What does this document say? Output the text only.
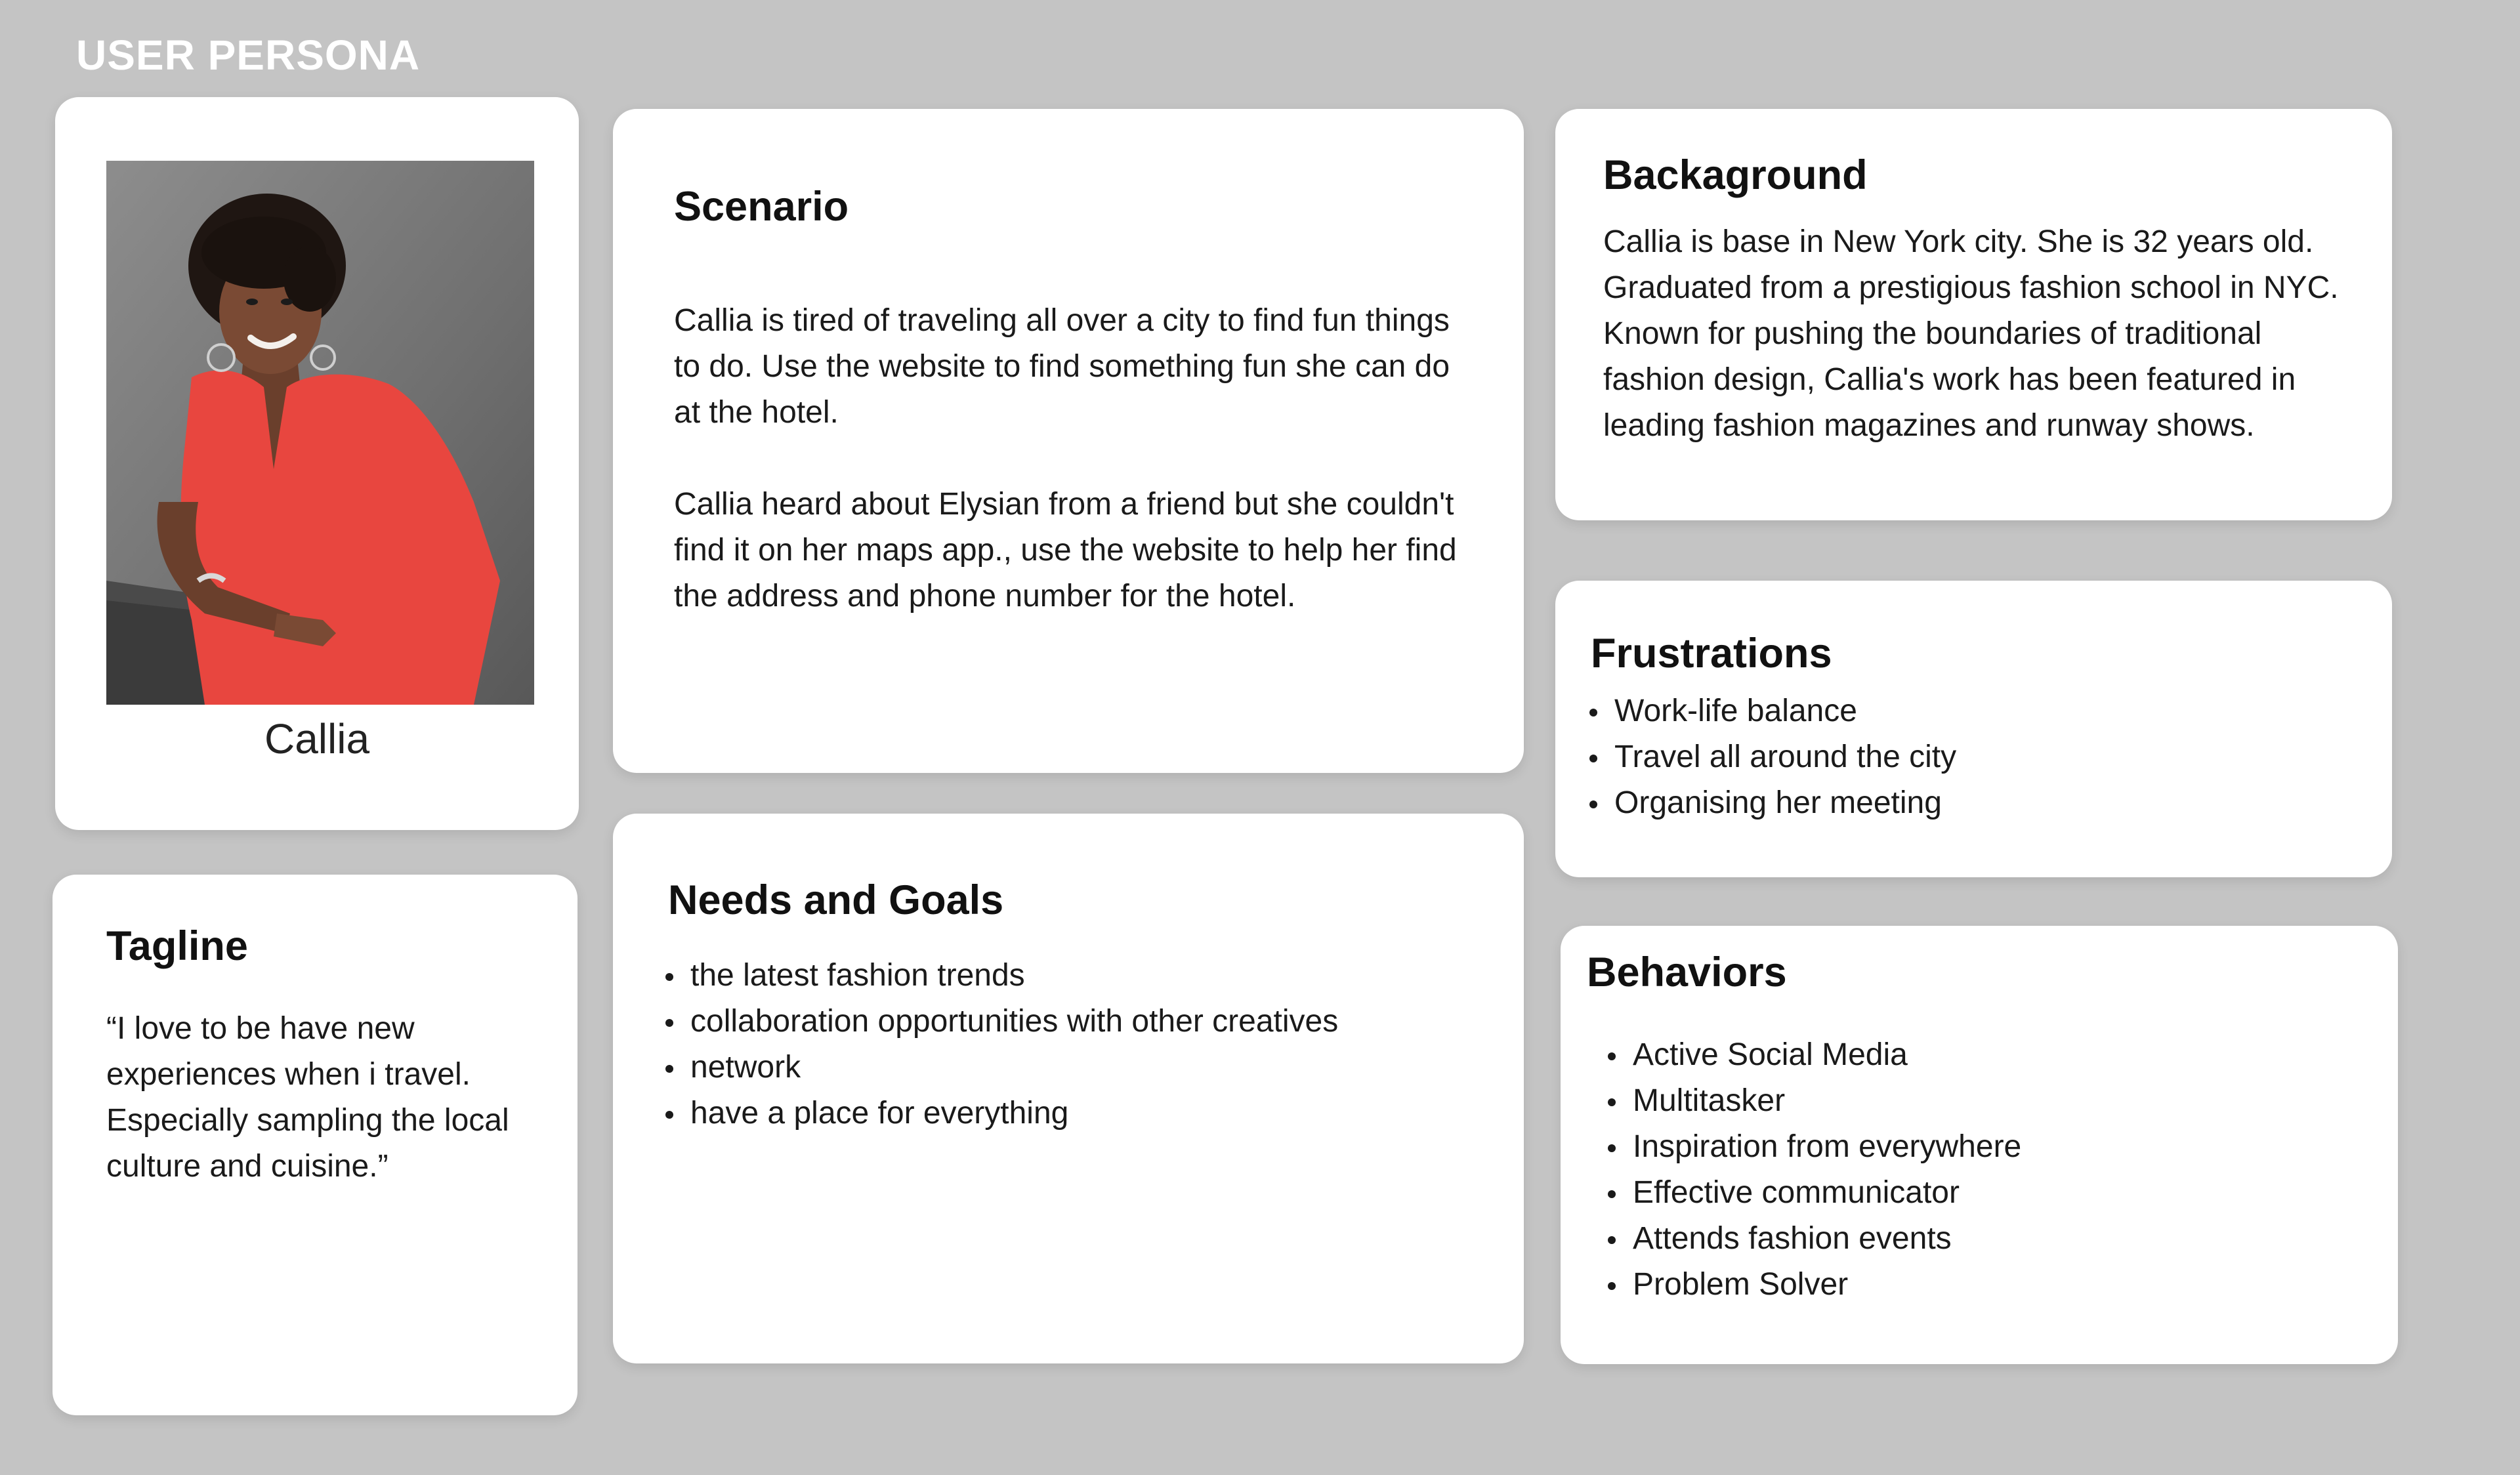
USER PERSONA
Callia
Tagline

“I love to be have new experiences when i travel. Especially sampling the local culture and cuisine.”

Scenario

Callia is tired of traveling all over a city to find fun things to do. Use the website to find something fun she can do at the hotel.

Callia heard about Elysian from a friend but she couldn't find it on her maps app., use the website to help her find the address and phone number for the hotel.

Needs and Goals
the latest fashion trends
collaboration opportunities with other creatives
network
have a place for everything
Backaground

Callia is base in New York city. She is 32 years old. Graduated from a prestigious fashion school in NYC. Known for pushing the boundaries of traditional fashion design, Callia's work has been featured in leading fashion magazines and runway shows.

Frustrations
Work-life balance
Travel all around the city
Organising her meeting
Behaviors
Active Social Media
Multitasker
Inspiration from everywhere
Effective communicator
Attends fashion events
Problem Solver
